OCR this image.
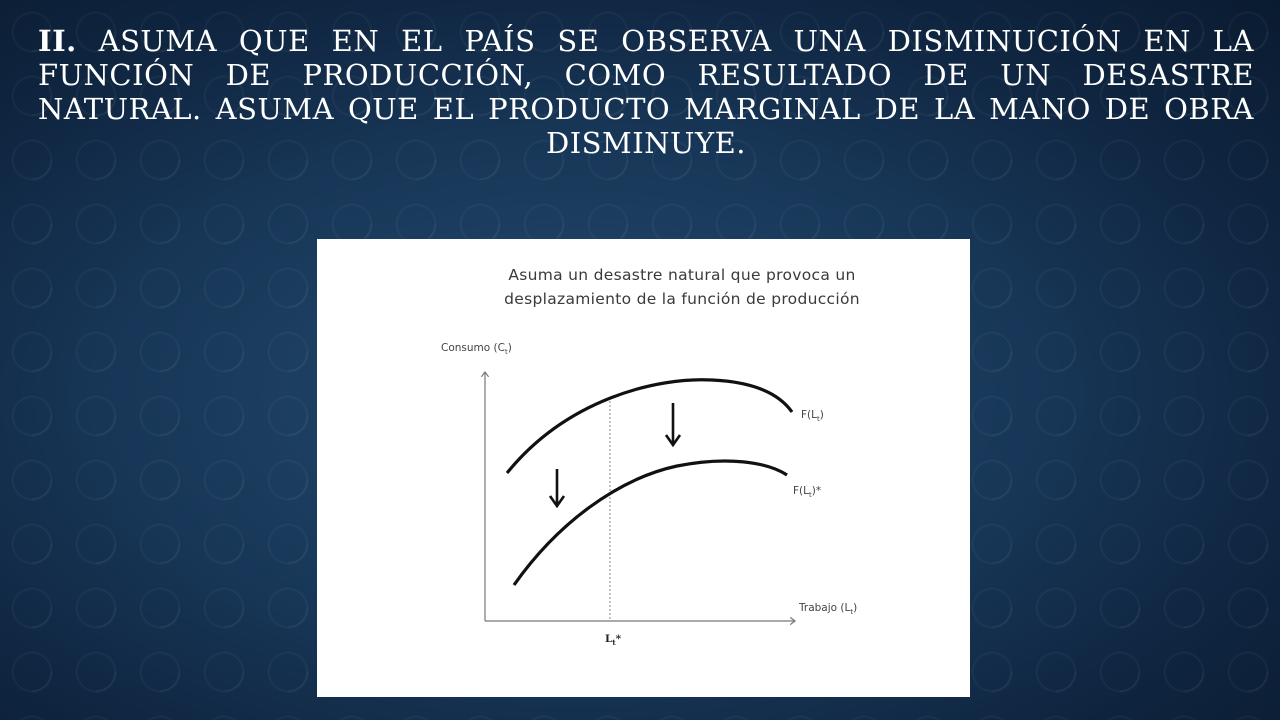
II. ASUMA QUE EN EL PAÍS SE OBSERVA UNA DISMINUCIÓN EN LA FUNCIÓN DE PRODUCCIÓN, COMO RESULTADO DE UN DESASTRE NATURAL. ASUMA QUE EL PRODUCTO MARGINAL DE LA MANO DE OBRA DISMINUYE.
Asuma un desastre natural que provoca un desplazamiento de la función de producción
Consumo $(C_t)$
Trabajo $(L_t)$
$F(L_t)$
$F(L_t)*$
$L_t*$
